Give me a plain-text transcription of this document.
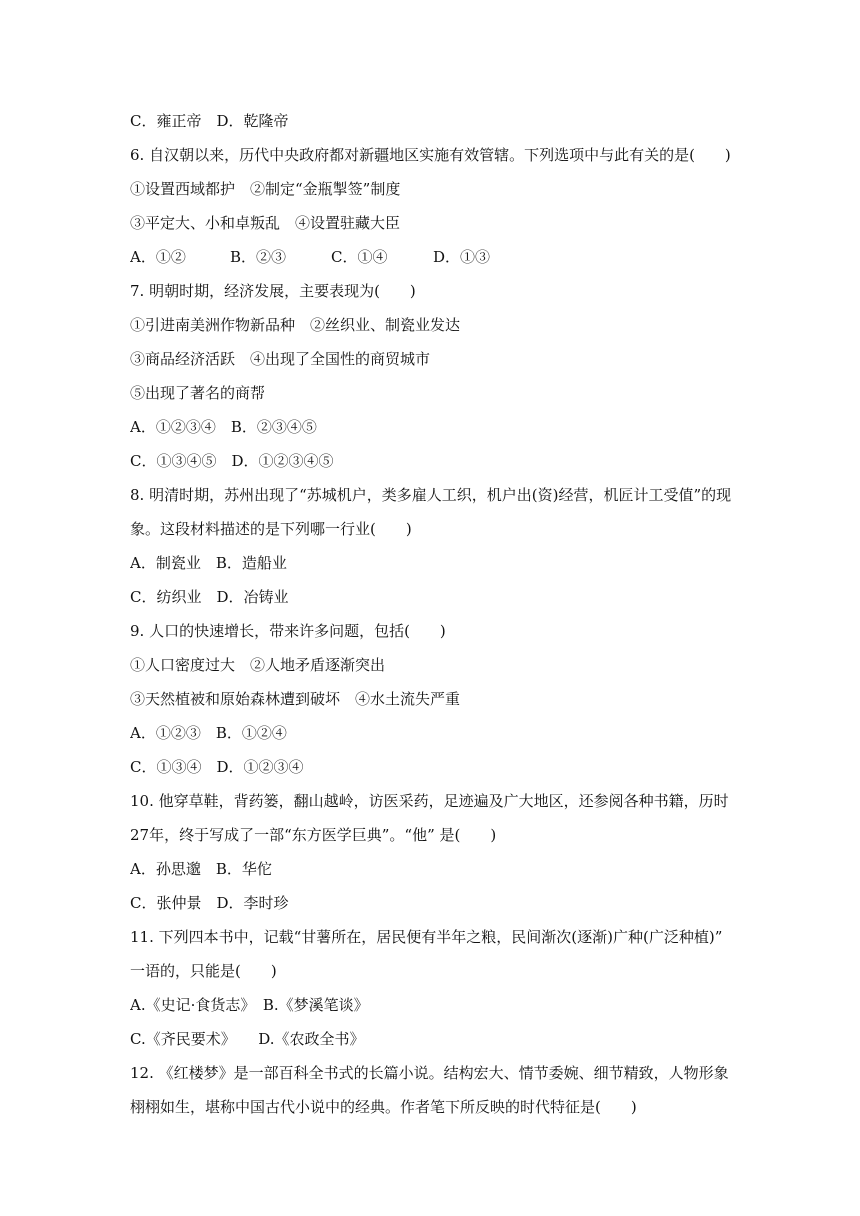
C．雍正帝　D．乾隆帝
6. 自汉朝以来，历代中央政府都对新疆地区实施有效管辖。下列选项中与此有关的是(　　)
①设置西域都护　②制定“金瓶掣签”制度
③平定大、小和卓叛乱　④设置驻藏大臣
A．①②	B．②③	C．①④	D．①③
7. 明朝时期，经济发展，主要表现为(　　)
①引进南美洲作物新品种　②丝织业、制瓷业发达
③商品经济活跃　④出现了全国性的商贸城市
⑤出现了著名的商帮
A．①②③④　B．②③④⑤
C．①③④⑤　D．①②③④⑤
8. 明清时期，苏州出现了“苏城机户，类多雇人工织，机户出(资)经营，机匠计工受值”的现
象。这段材料描述的是下列哪一行业(　　)
A．制瓷业　B．造船业
C．纺织业　D．冶铸业
9. 人口的快速增长，带来许多问题，包括(　　)
①人口密度过大　②人地矛盾逐渐突出
③天然植被和原始森林遭到破坏　④水土流失严重
A．①②③　B．①②④
C．①③④　D．①②③④
10. 他穿草鞋，背药篓，翻山越岭，访医采药，足迹遍及广大地区，还参阅各种书籍，历时
27年，终于写成了一部“东方医学巨典”。“他” 是(　　)
A．孙思邈　B．华佗
C．张仲景　D．李时珍
11. 下列四本书中，记载“甘薯所在，居民便有半年之粮，民间渐次(逐渐)广种(广泛种植)”
一语的，只能是(　　)
A.《史记·食货志》　B.《梦溪笔谈》
C.《齐民要术》　　D.《农政全书》
12. 《红楼梦》是一部百科全书式的长篇小说。结构宏大、情节委婉、细节精致，人物形象
栩栩如生，堪称中国古代小说中的经典。作者笔下所反映的时代特征是(　　)
